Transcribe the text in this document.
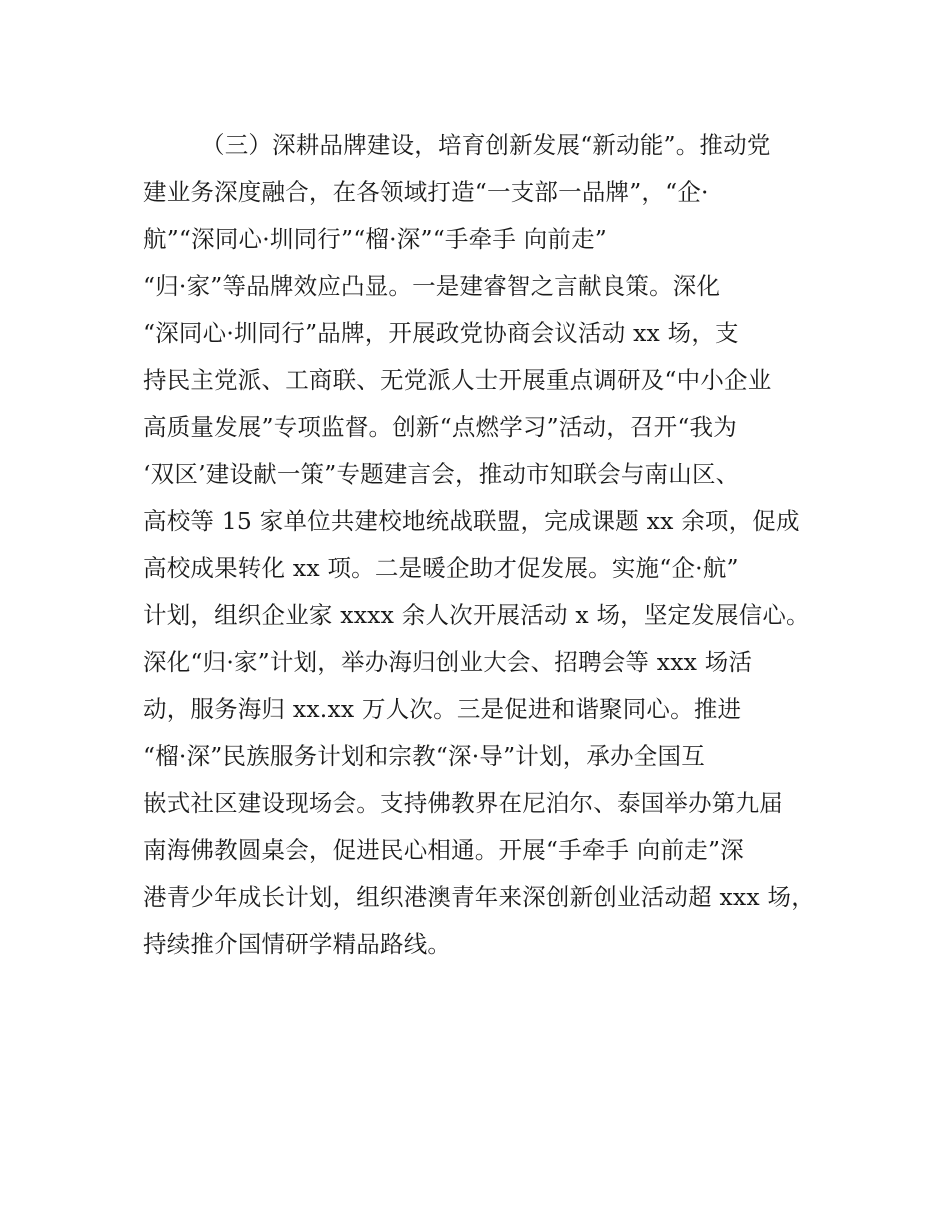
（三）深耕品牌建设，培育创新发展“新动能”。推动党
建业务深度融合，在各领域打造“一支部一品牌”，“企·
航”“深同心·圳同行”“榴·深”“手牵手 向前走”
“归·家”等品牌效应凸显。一是建睿智之言献良策。深化
“深同心·圳同行”品牌，开展政党协商会议活动 xx 场，支
持民主党派、工商联、无党派人士开展重点调研及“中小企业
高质量发展”专项监督。创新“点燃学习”活动，召开“我为
‘双区’建设献一策”专题建言会，推动市知联会与南山区、
高校等 15 家单位共建校地统战联盟，完成课题 xx 余项，促成
高校成果转化 xx 项。二是暖企助才促发展。实施“企·航”
计划，组织企业家 xxxx 余人次开展活动 x 场，坚定发展信心。
深化“归·家”计划，举办海归创业大会、招聘会等 xxx 场活
动，服务海归 xx.xx 万人次。三是促进和谐聚同心。推进
“榴·深”民族服务计划和宗教“深·导”计划，承办全国互
嵌式社区建设现场会。支持佛教界在尼泊尔、泰国举办第九届
南海佛教圆桌会，促进民心相通。开展“手牵手 向前走”深
港青少年成长计划，组织港澳青年来深创新创业活动超 xxx 场，
持续推介国情研学精品路线。
